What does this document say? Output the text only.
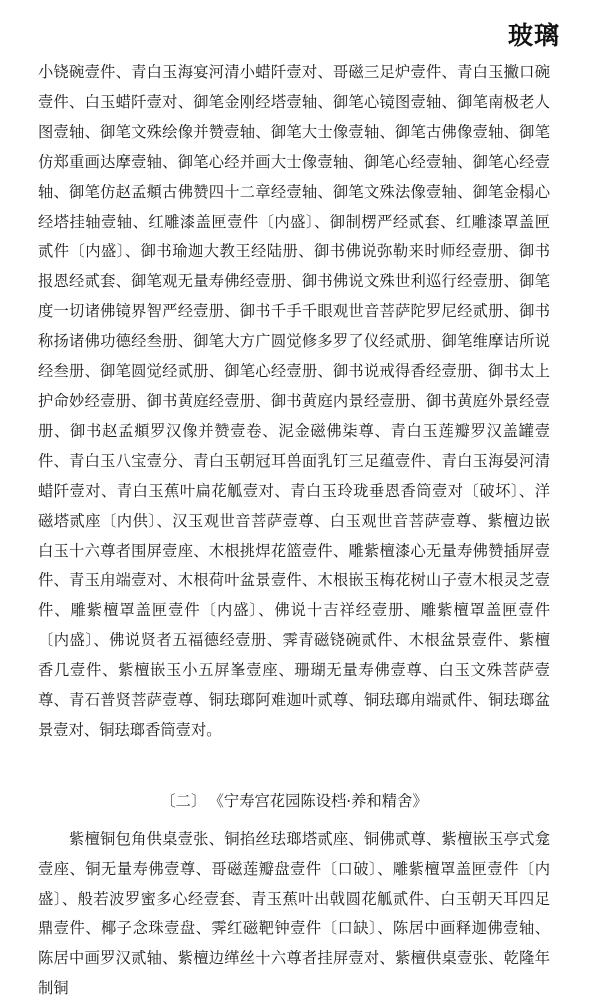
玻璃

小铙碗壹件、青白玉海宴河清小蜡阡壹对、哥磁三足炉壹件、青白玉撇口碗壹件、白玉蜡阡壹对、御笔金刚经塔壹轴、御笔心镜图壹轴、御笔南极老人图壹轴、御笔文殊绘像并赞壹轴、御笔大士像壹轴、御笔古佛像壹轴、御笔仿郑重画达摩壹轴、御笔心经并画大士像壹轴、御笔心经壹轴、御笔心经壹轴、御笔仿赵孟頫古佛赞四十二章经壹轴、御笔文殊法像壹轴、御笔金榻心经塔挂轴壹轴、红雕漆盖匣壹件〔内盛〕、御制楞严经贰套、红雕漆罩盖匣贰件〔内盛〕、御书瑜迦大教王经陆册、御书佛说弥勒来时师经壹册、御书报恩经贰套、御笔观无量寿佛经壹册、御书佛说文殊世利巡行经壹册、御笔度一切诸佛镜界智严经壹册、御书千手千眼观世音菩萨陀罗尼经贰册、御书称扬诸佛功德经叁册、御笔大方广圆觉修多罗了仪经贰册、御笔维摩诘所说经叁册、御笔圆觉经贰册、御笔心经壹册、御书说戒得香经壹册、御书太上护命妙经壹册、御书黄庭经壹册、御书黄庭内景经壹册、御书黄庭外景经壹册、御书赵孟頫罗汉像并赞壹卷、泥金磁佛柒尊、青白玉莲瓣罗汉盖罐壹件、青白玉八宝壹分、青白玉朝冠耳兽面乳钉三足蕴壹件、青白玉海晏河清蜡阡壹对、青白玉蕉叶扁花觚壹对、青白玉玲珑垂恩香筒壹对〔破坏〕、洋磁塔贰座〔内供〕、汉玉观世音菩萨壹尊、白玉观世音菩萨壹尊、紫檀边嵌白玉十六尊者围屏壹座、木根挑焊花篮壹件、雕紫檀漆心无量寿佛赞插屏壹件、青玉甪端壹对、木根荷叶盆景壹件、木根嵌玉梅花树山子壹木根灵芝壹件、雕紫檀罩盖匣壹件〔内盛〕、佛说十吉祥经壹册、雕紫檀罩盖匣壹件〔内盛〕、佛说贤者五福德经壹册、霁青磁铙碗贰件、木根盆景壹件、紫檀香几壹件、紫檀嵌玉小五屏峯壹座、珊瑚无量寿佛壹尊、白玉文殊菩萨壹尊、青石普贤菩萨壹尊、铜珐瑯阿难迦叶贰尊、铜珐瑯甪端贰件、铜珐瑯盆景壹对、铜珐瑯香筒壹对。

〔二〕 《宁寿宫花园陈设档·养和精舍》

紫檀铜包角供桌壹张、铜掐丝珐瑯塔贰座、铜佛贰尊、紫檀嵌玉亭式龛壹座、铜无量寿佛壹尊、哥磁莲瓣盘壹件〔口破〕、雕紫檀罩盖匣壹件〔内盛〕、般若波罗蜜多心经壹套、青玉蕉叶出戟圆花觚贰件、白玉朝天耳四足鼎壹件、椰子念珠壹盘、霁红磁靶钟壹件〔口缺〕、陈居中画释迦佛壹轴、陈居中画罗汉贰轴、紫檀边缂丝十六尊者挂屏壹对、紫檀供桌壹张、乾隆年制铜
